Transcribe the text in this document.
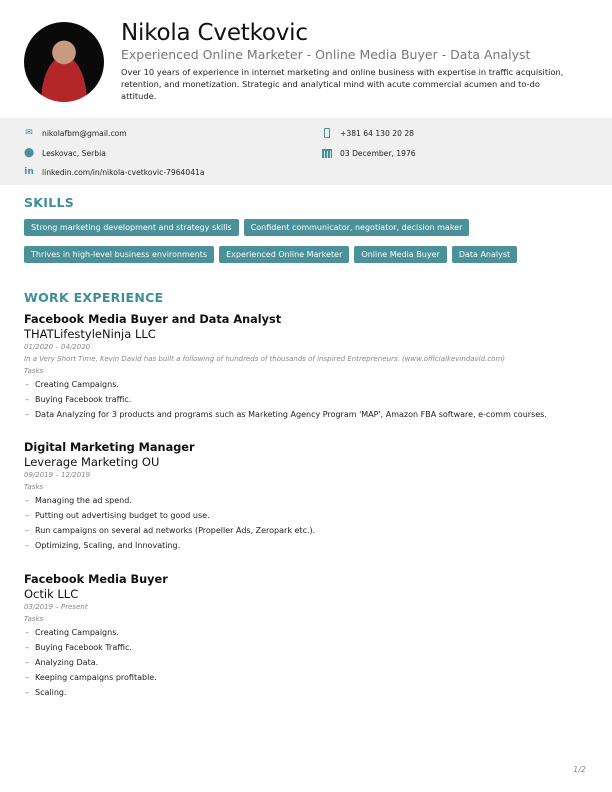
Nikola Cvetkovic
Experienced Online Marketer - Online Media Buyer - Data Analyst
Over 10 years of experience in internet marketing and online business with expertise in traffic acquisition, retention, and monetization. Strategic and analytical mind with acute commercial acumen and to-do attitude.
✉ nikolafbm@gmail.com
⬤ Leskovac, Serbia
in linkedin.com/in/nikola-cvetkovic-7964041a
+381 64 130 20 28
03 December, 1976
SKILLS
Strong marketing development and strategy skills	Confident communicator, negotiator, decision maker
Thrives in high-level business environments	Experienced Online Marketer	Online Media Buyer	Data Analyst
WORK EXPERIENCE
Facebook Media Buyer and Data Analyst
THATLifestyleNinja LLC
01/2020 – 04/2020
In a Very Short Time, Kevin David has built a following of hundreds of thousands of inspired Entrepreneurs. (www.officialkevindavid.com)
Tasks
– Creating Campaigns.
– Buying Facebook traffic.
– Data Analyzing for 3 products and programs such as Marketing Agency Program 'MAP', Amazon FBA software, e-comm courses.
Digital Marketing Manager
Leverage Marketing OU
09/2019 – 12/2019
Tasks
– Managing the ad spend.
– Putting out advertising budget to good use.
– Run campaigns on several ad networks (Propeller Ads, Zeropark etc.).
– Optimizing, Scaling, and Innovating.
Facebook Media Buyer
Octik LLC
03/2019 – Present
Tasks
– Creating Campaigns.
– Buying Facebook Traffic.
– Analyzing Data.
– Keeping campaigns profitable.
– Scaling.
1/2
